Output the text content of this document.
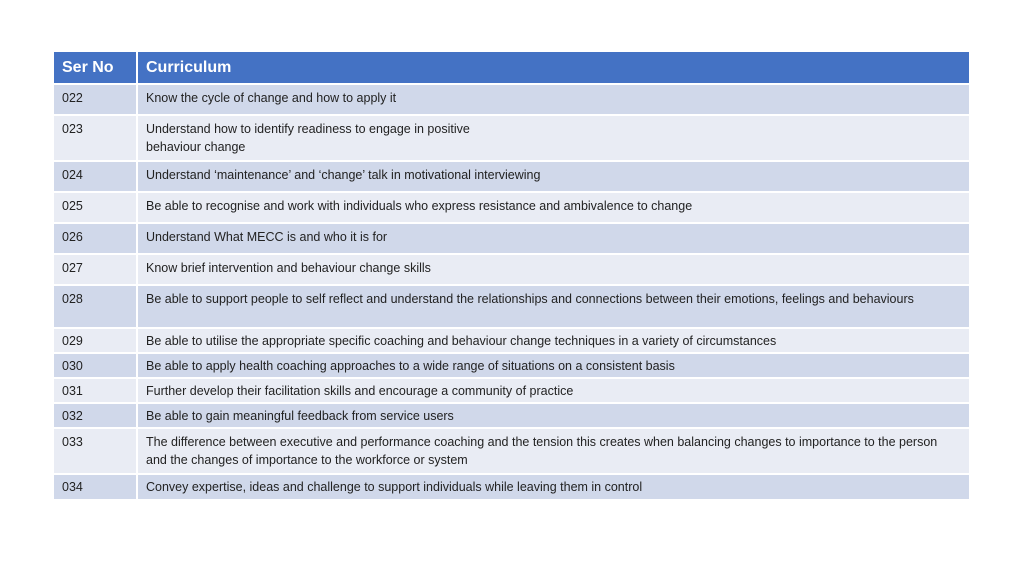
Ser No	Curriculum
022	Know the cycle of change and how to apply it
023	Understand how to identify readiness to engage in positive
behaviour change
024	Understand ‘maintenance’ and ‘change’ talk in motivational interviewing
025	Be able to recognise and work with individuals who express resistance and ambivalence to change
026	Understand What MECC is and who it is for
027	Know brief intervention and behaviour change skills
028	Be able to support people to self reflect and understand the relationships and connections between their emotions, feelings and behaviours
029	Be able to utilise the appropriate specific coaching and behaviour change techniques in a variety of circumstances
030	Be able to apply health coaching approaches to a wide range of situations on a consistent basis
031	Further develop their facilitation skills and encourage a community of practice
032	Be able to gain meaningful feedback from service users
033	The difference between executive and performance coaching and the tension this creates when balancing changes to importance to the person and the changes of importance to the workforce or system
034	Convey expertise, ideas and challenge to support individuals while leaving them in control
